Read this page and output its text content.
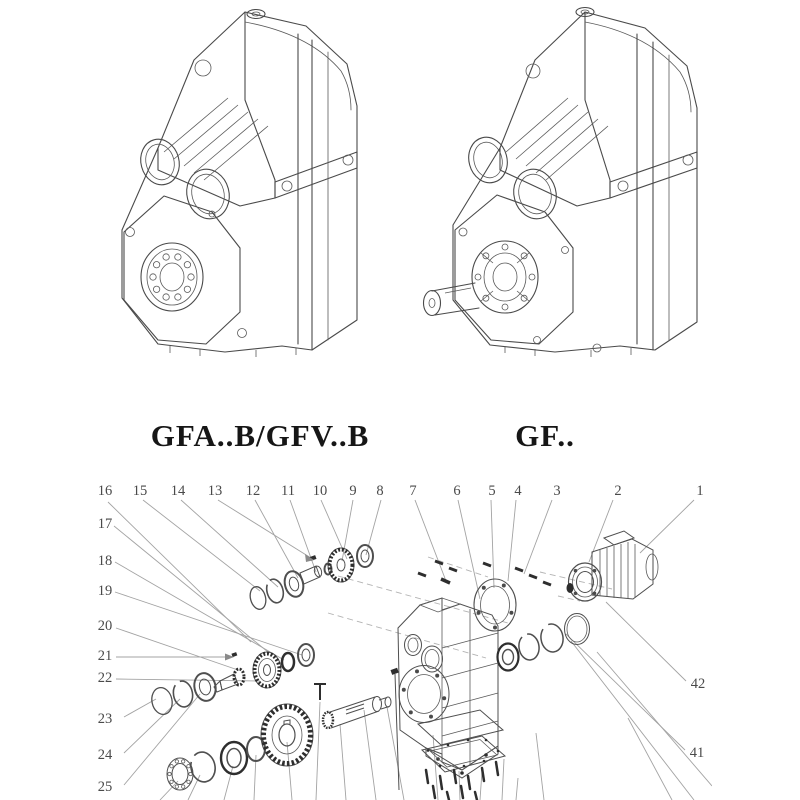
GFA..B/GFV..B	GF..
16 15 14 13 12 11 10 9 8 7	6 5 4 3	2	1
17
18
19
20
21
22
23
24
25
41
42
